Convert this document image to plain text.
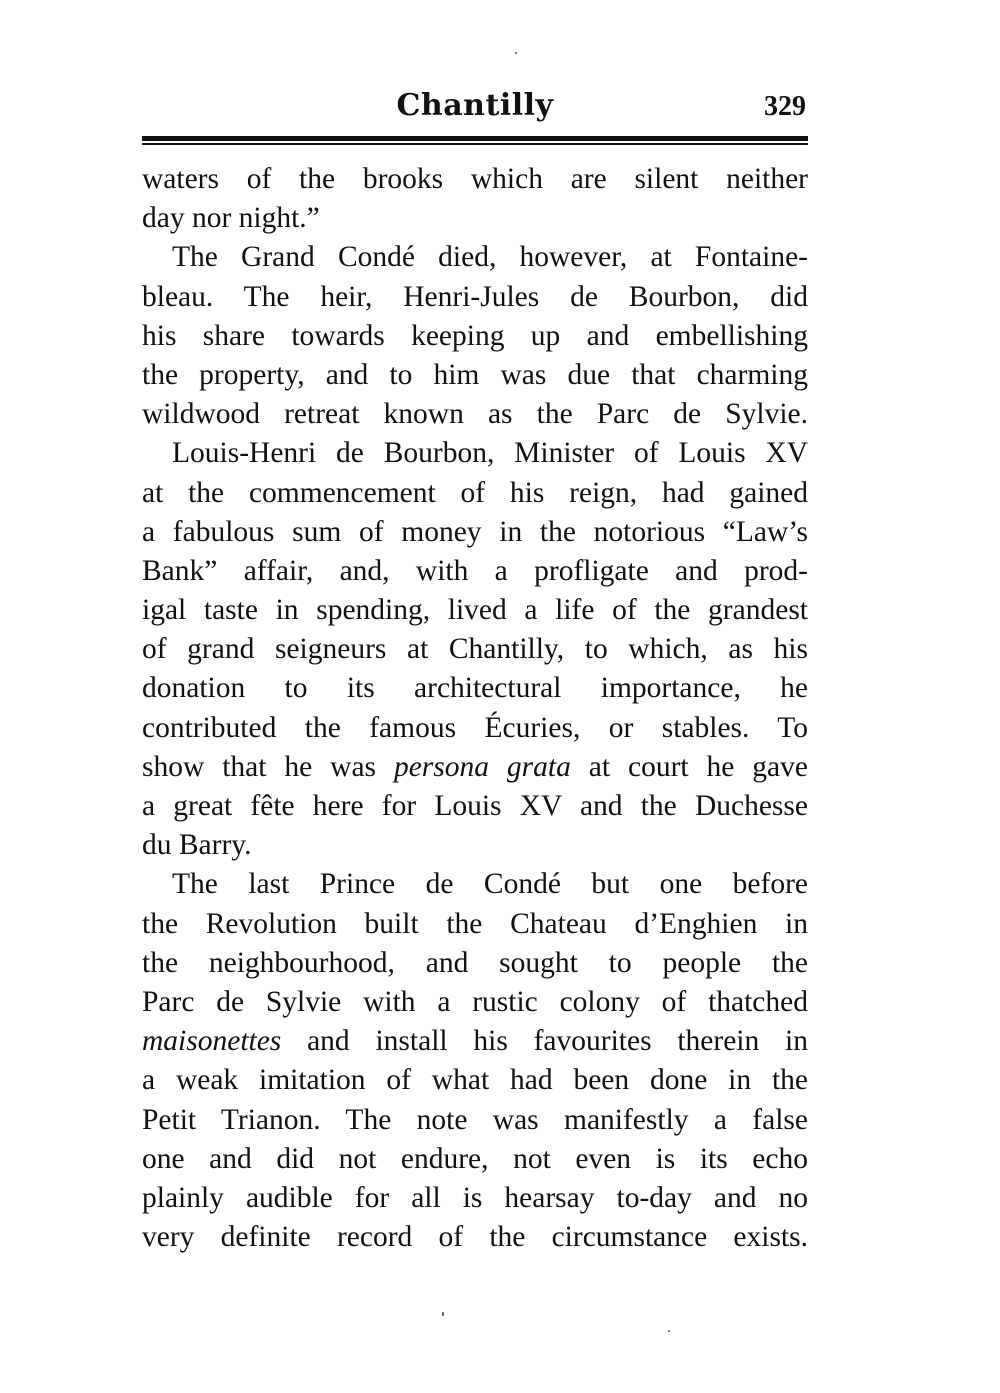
Chantilly	329
waters of the brooks which are silent neither
day nor night.”
The Grand Condé died, however, at Fontaine-
bleau. The heir, Henri-Jules de Bourbon, did
his share towards keeping up and embellishing
the property, and to him was due that charming
wildwood retreat known as the Parc de Sylvie.
Louis-Henri de Bourbon, Minister of Louis XV
at the commencement of his reign, had gained
a fabulous sum of money in the notorious “Law’s
Bank” affair, and, with a profligate and prod-
igal taste in spending, lived a life of the grandest
of grand seigneurs at Chantilly, to which, as his
donation to its architectural importance, he
contributed the famous Écuries, or stables. To
show that he was persona grata at court he gave
a great fête here for Louis XV and the Duchesse
du Barry.
The last Prince de Condé but one before
the Revolution built the Chateau d’Enghien in
the neighbourhood, and sought to people the
Parc de Sylvie with a rustic colony of thatched
maisonettes and install his favourites therein in
a weak imitation of what had been done in the
Petit Trianon. The note was manifestly a false
one and did not endure, not even is its echo
plainly audible for all is hearsay to-day and no
very definite record of the circumstance exists.
